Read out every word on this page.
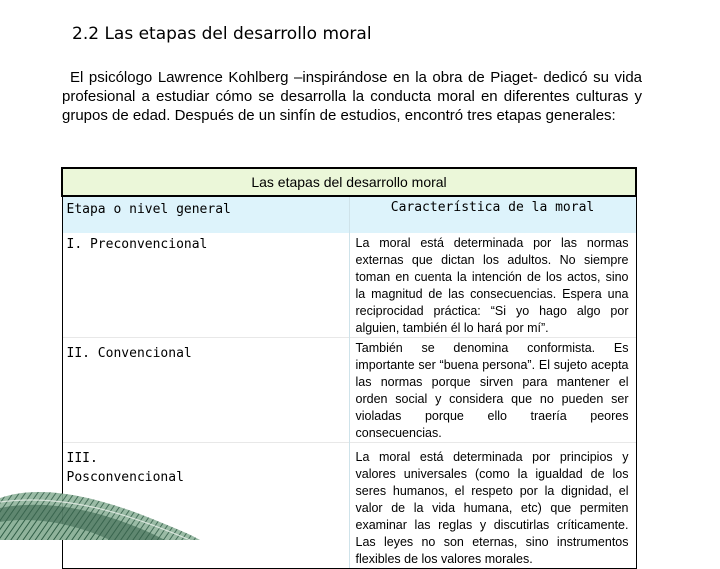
2.2 Las etapas del desarrollo moral

El psicólogo Lawrence Kohlberg –inspirándose en la obra de Piaget- dedicó su vida profesional a estudiar cómo se desarrolla la conducta moral en diferentes culturas y grupos de edad. Después de un sinfín de estudios, encontró tres etapas generales:

Las etapas del desarrollo moral	

Etapa o nivel general	Característica de la moral

I. Preconvencional	La moral está determinada por las normas externas que dictan los adultos. No siempre toman en cuenta la intención de los actos, sino la magnitud de las consecuencias. Espera una reciprocidad práctica: “Si yo hago algo por alguien, también él lo hará por mí”.

II. Convencional	También se denomina conformista. Es importante ser “buena persona”. El sujeto acepta las normas porque sirven para mantener el orden social y considera que no pueden ser violadas porque ello traería peores consecuencias.

III.
Posconvencional	La moral está determinada por principios y valores universales (como la igualdad de los seres humanos, el respeto por la dignidad, el valor de la vida humana, etc) que permiten examinar las reglas y discutirlas críticamente. Las leyes no son eternas, sino instrumentos flexibles de los valores morales.
